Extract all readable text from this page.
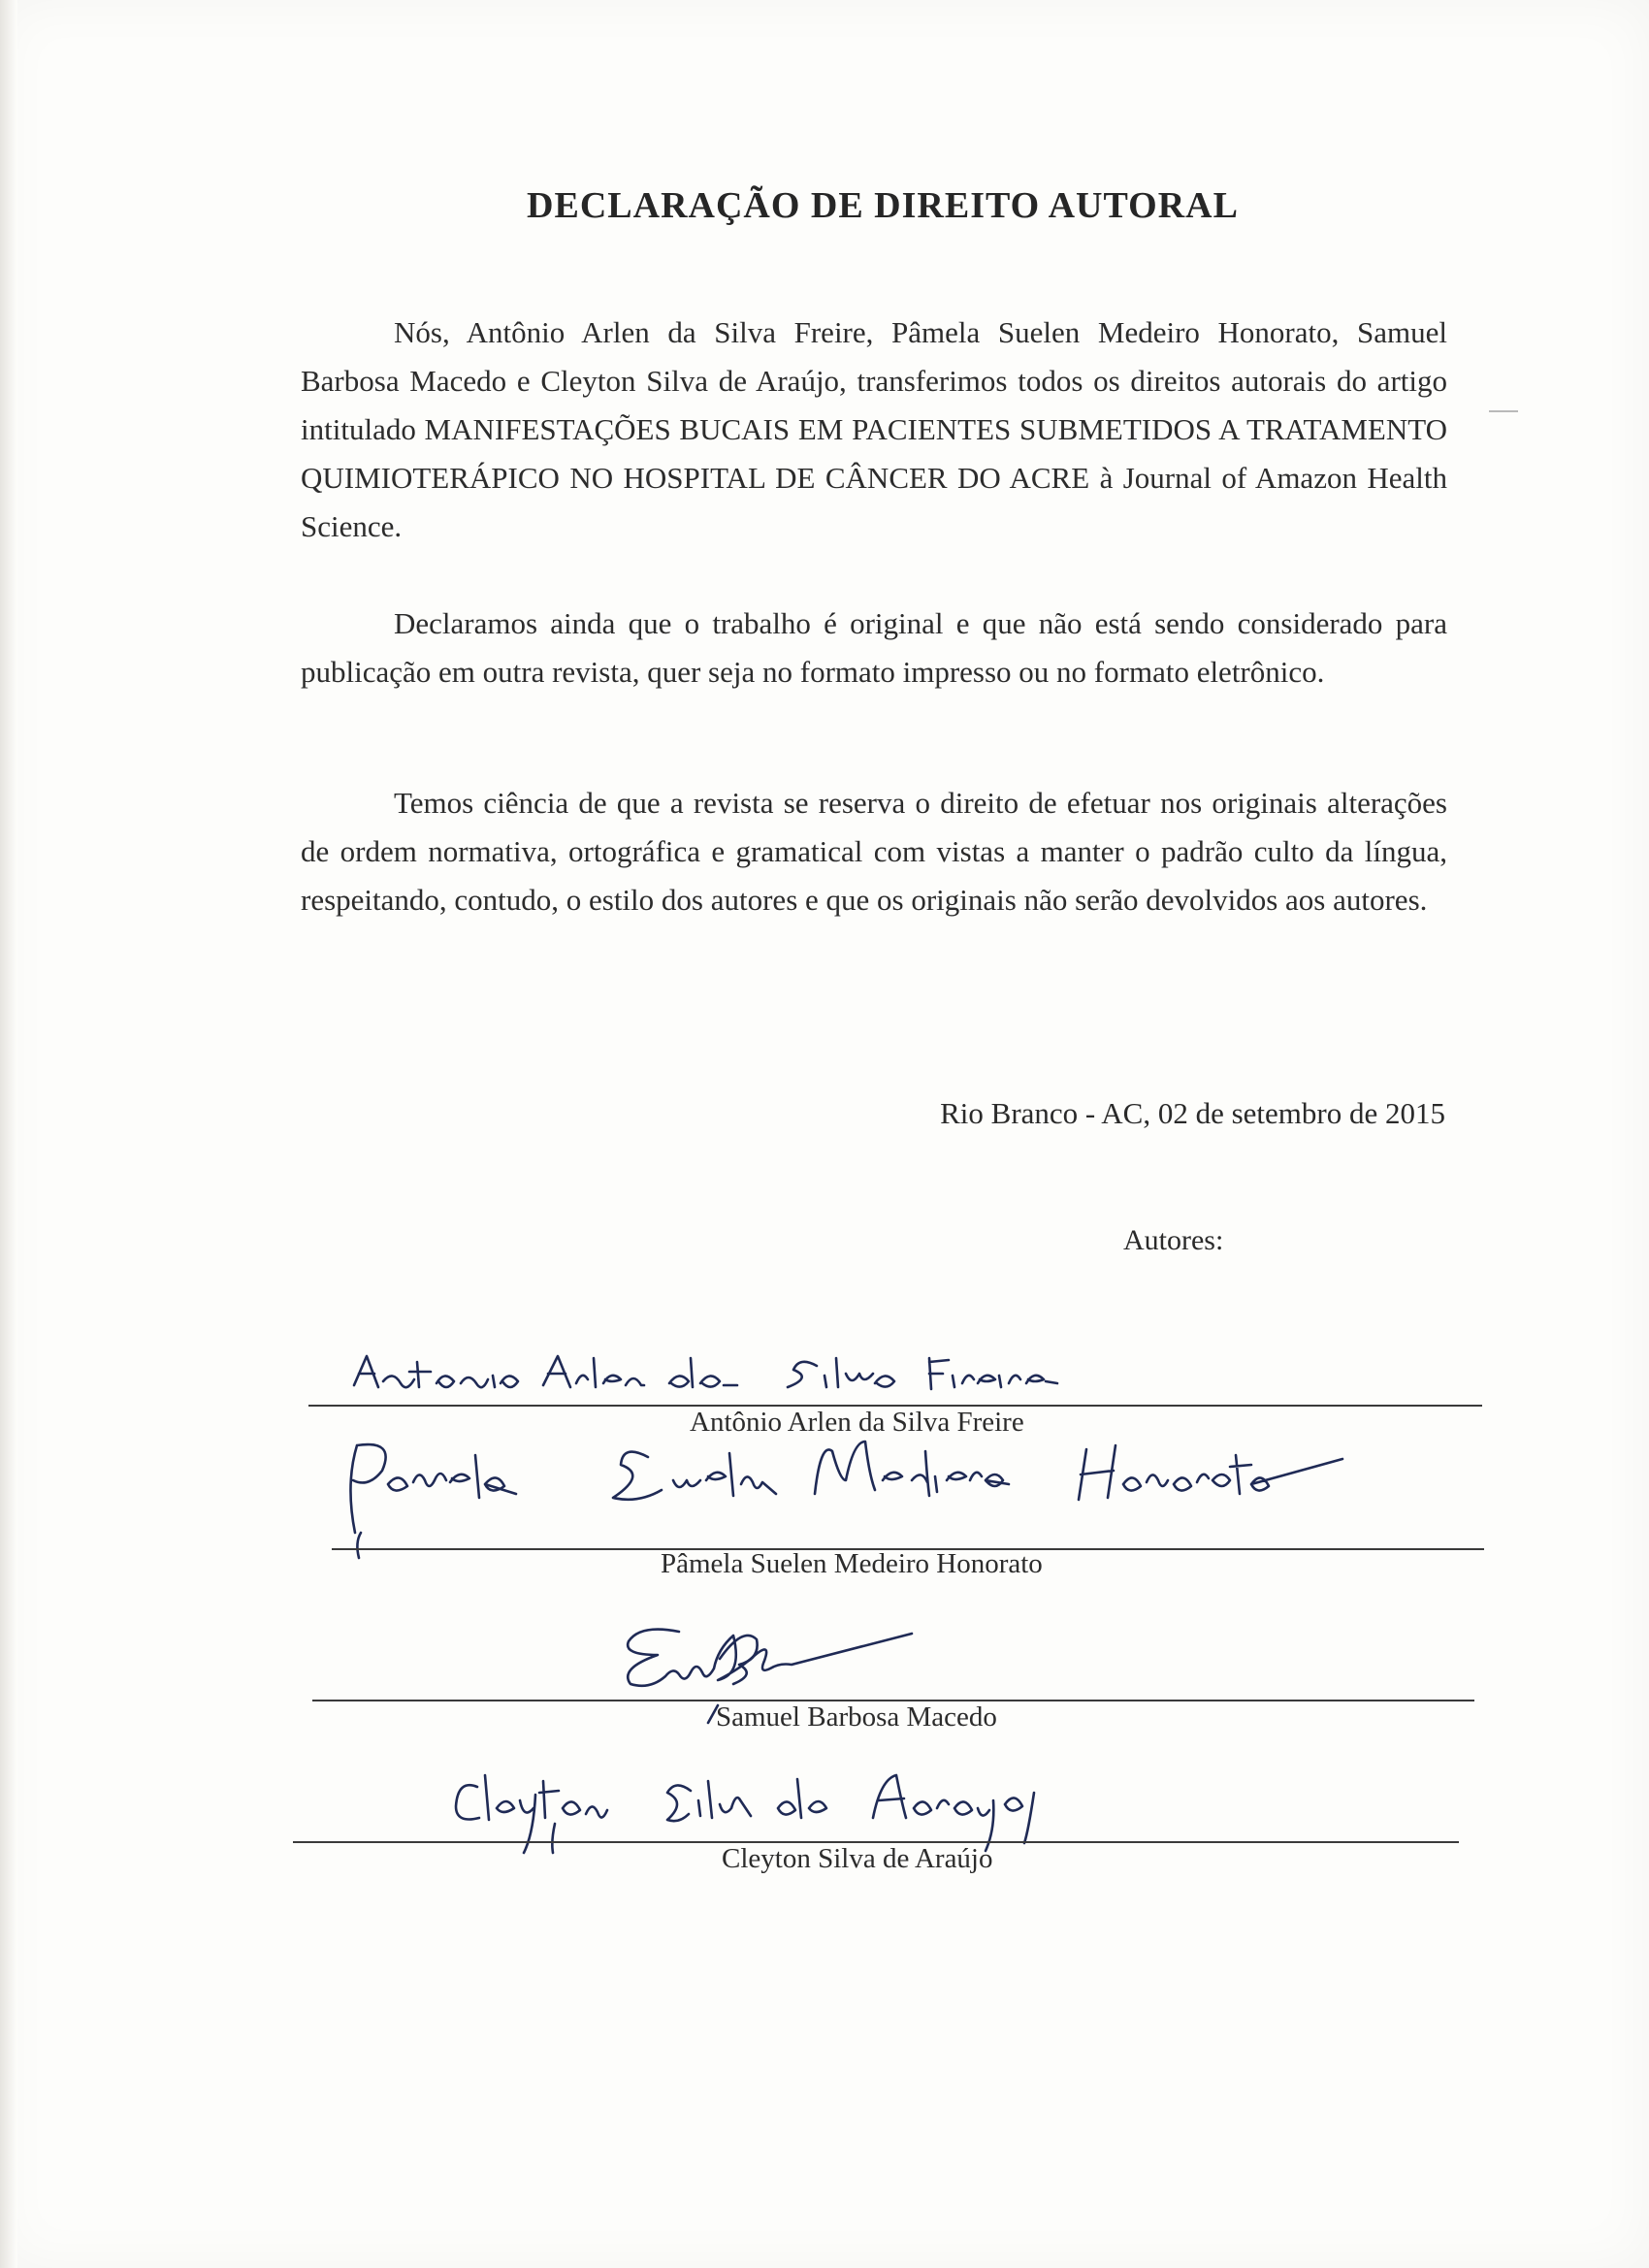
DECLARAÇÃO DE DIREITO AUTORAL

Nós, Antônio Arlen da Silva Freire, Pâmela Suelen Medeiro Honorato, Samuel Barbosa Macedo e Cleyton Silva de Araújo, transferimos todos os direitos autorais do artigo intitulado MANIFESTAÇÕES BUCAIS EM PACIENTES SUBMETIDOS A TRATAMENTO QUIMIOTERÁPICO NO HOSPITAL DE CÂNCER DO ACRE à Journal of Amazon Health Science.

Declaramos ainda que o trabalho é original e que não está sendo considerado para publicação em outra revista, quer seja no formato impresso ou no formato eletrônico.

Temos ciência de que a revista se reserva o direito de efetuar nos originais alterações de ordem normativa, ortográfica e gramatical com vistas a manter o padrão culto da língua, respeitando, contudo, o estilo dos autores e que os originais não serão devolvidos aos autores.

Rio Branco - AC, 02 de setembro de 2015
Autores:
Antônio Arlen da Silva Freire
Pâmela Suelen Medeiro Honorato
Samuel Barbosa Macedo
Cleyton Silva de Araújo
